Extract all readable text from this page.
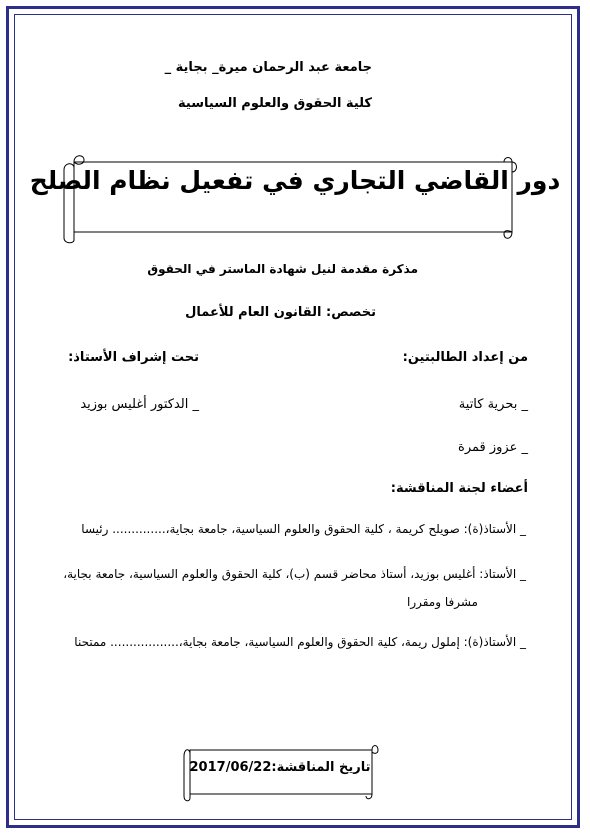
جامعة عبد الرحمان ميرة_ بجاية _
كلية الحقوق والعلوم السياسية
دور القاضي التجاري في تفعيل نظام الصلح
مذكرة مقدمة لنيل شهادة الماستر في الحقوق
تخصص: القانون العام للأعمال
من إعداد الطالبتين:
تحت إشراف الأستاذ:
_ بحرية كاتية
_ الدكتور أغليس بوزيد
_ عزوز قمرة
أعضاء لجنة المناقشة:
_ الأستاذ(ة): صويلح كريمة ، كلية الحقوق والعلوم السياسية، جامعة بجاية،.............. رئيسا
_ الأستاذ: أغليس بوزيد، أستاذ محاضر قسم (ب)، كلية الحقوق والعلوم السياسية، جامعة بجاية،
مشرفا ومقررا
_ الأستاذ(ة): إملول ريمة، كلية الحقوق والعلوم السياسية، جامعة بجاية،.................. ممتحنا
تاريخ المناقشة:2017/06/22
